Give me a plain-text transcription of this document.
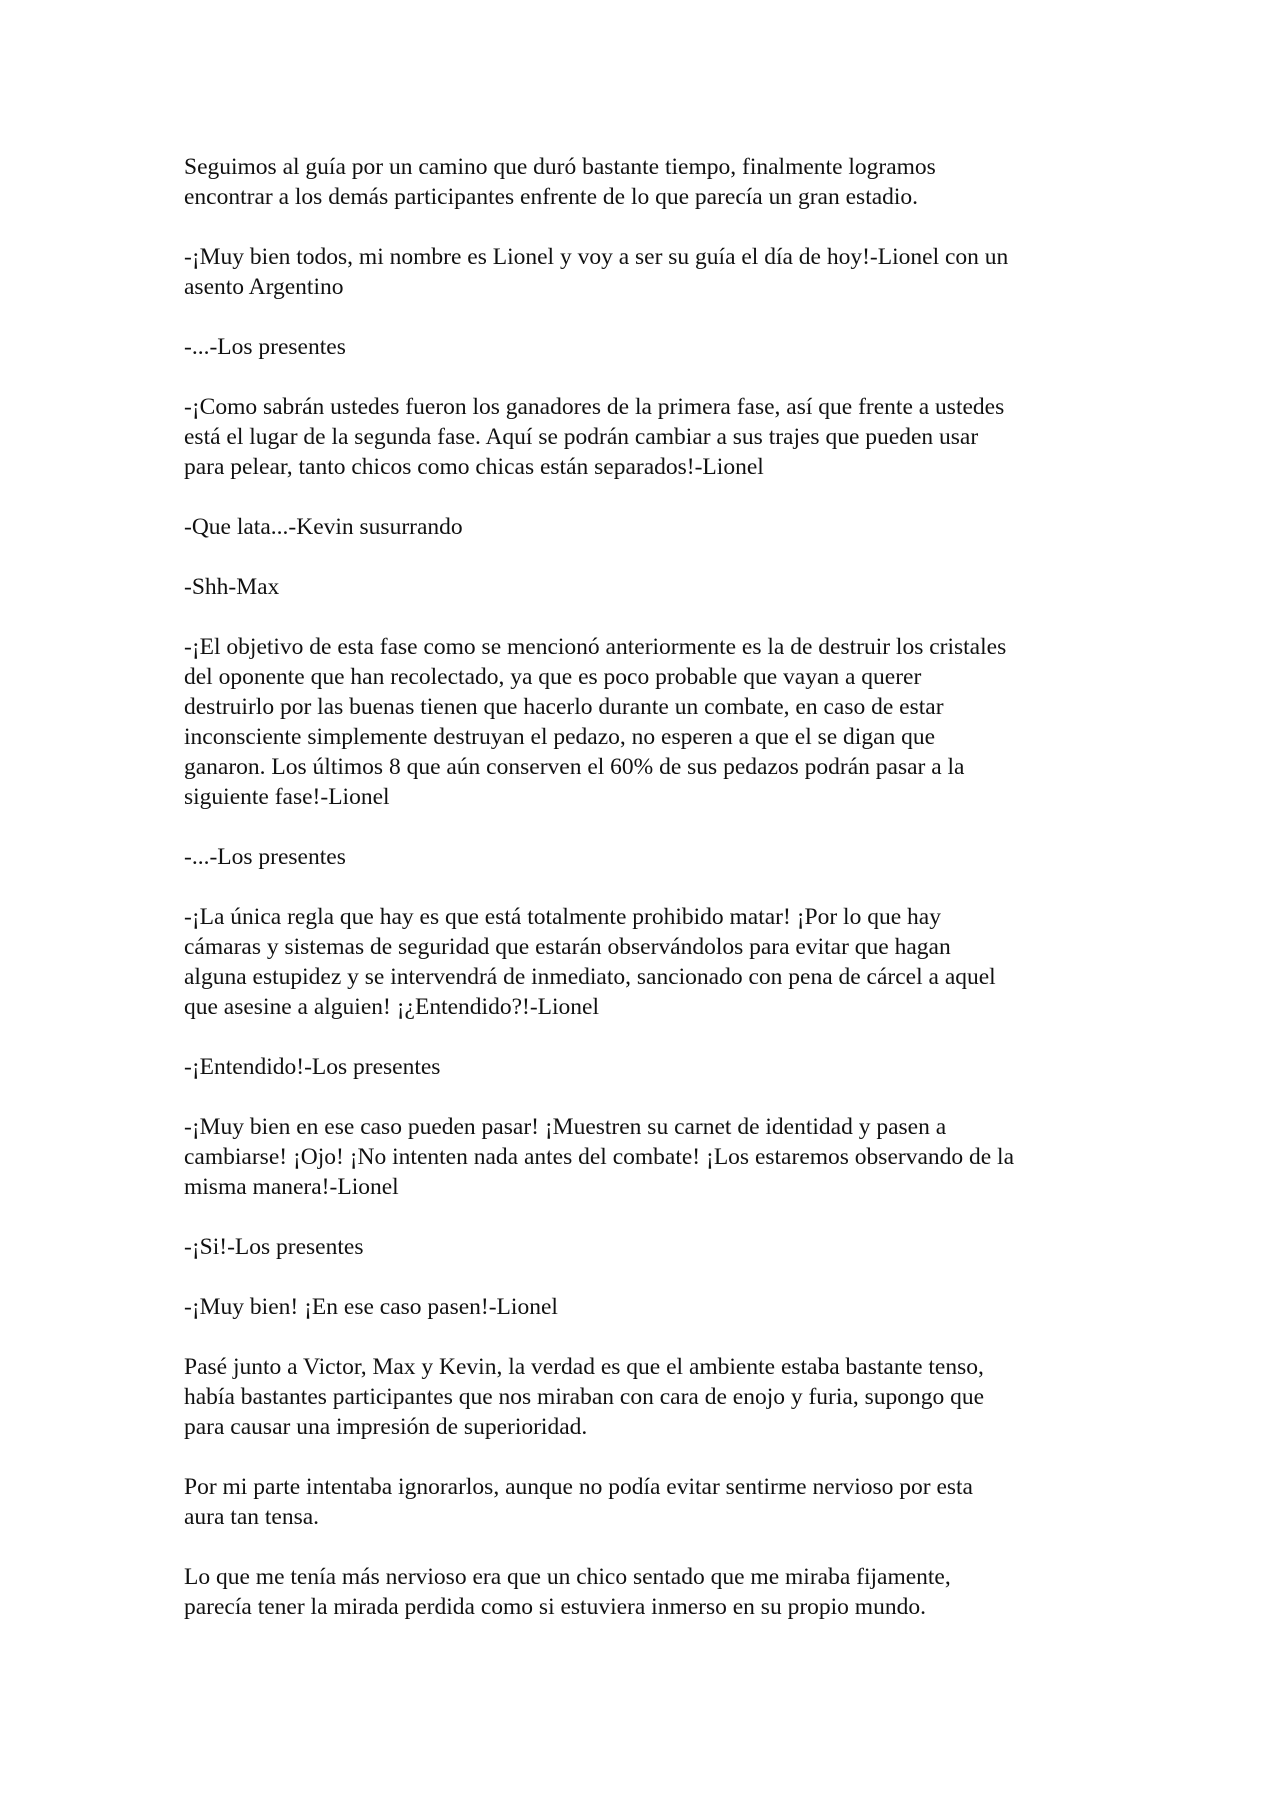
Seguimos al guía por un camino que duró bastante tiempo, finalmente logramos
encontrar a los demás participantes enfrente de lo que parecía un gran estadio.
-¡Muy bien todos, mi nombre es Lionel y voy a ser su guía el día de hoy!-Lionel con un
asento Argentino
-...-Los presentes
-¡Como sabrán ustedes fueron los ganadores de la primera fase, así que frente a ustedes
está el lugar de la segunda fase. Aquí se podrán cambiar a sus trajes que pueden usar
para pelear, tanto chicos como chicas están separados!-Lionel
-Que lata...-Kevin susurrando
-Shh-Max
-¡El objetivo de esta fase como se mencionó anteriormente es la de destruir los cristales
del oponente que han recolectado, ya que es poco probable que vayan a querer
destruirlo por las buenas tienen que hacerlo durante un combate, en caso de estar
inconsciente simplemente destruyan el pedazo, no esperen a que el se digan que
ganaron. Los últimos 8 que aún conserven el 60% de sus pedazos podrán pasar a la
siguiente fase!-Lionel
-...-Los presentes
-¡La única regla que hay es que está totalmente prohibido matar! ¡Por lo que hay
cámaras y sistemas de seguridad que estarán observándolos para evitar que hagan
alguna estupidez y se intervendrá de inmediato, sancionado con pena de cárcel a aquel
que asesine a alguien! ¡¿Entendido?!-Lionel
-¡Entendido!-Los presentes
-¡Muy bien en ese caso pueden pasar! ¡Muestren su carnet de identidad y pasen a
cambiarse! ¡Ojo! ¡No intenten nada antes del combate! ¡Los estaremos observando de la
misma manera!-Lionel
-¡Si!-Los presentes
-¡Muy bien! ¡En ese caso pasen!-Lionel
Pasé junto a Victor, Max y Kevin, la verdad es que el ambiente estaba bastante tenso,
había bastantes participantes que nos miraban con cara de enojo y furia, supongo que
para causar una impresión de superioridad.
Por mi parte intentaba ignorarlos, aunque no podía evitar sentirme nervioso por esta
aura tan tensa.
Lo que me tenía más nervioso era que un chico sentado que me miraba fijamente,
parecía tener la mirada perdida como si estuviera inmerso en su propio mundo.
